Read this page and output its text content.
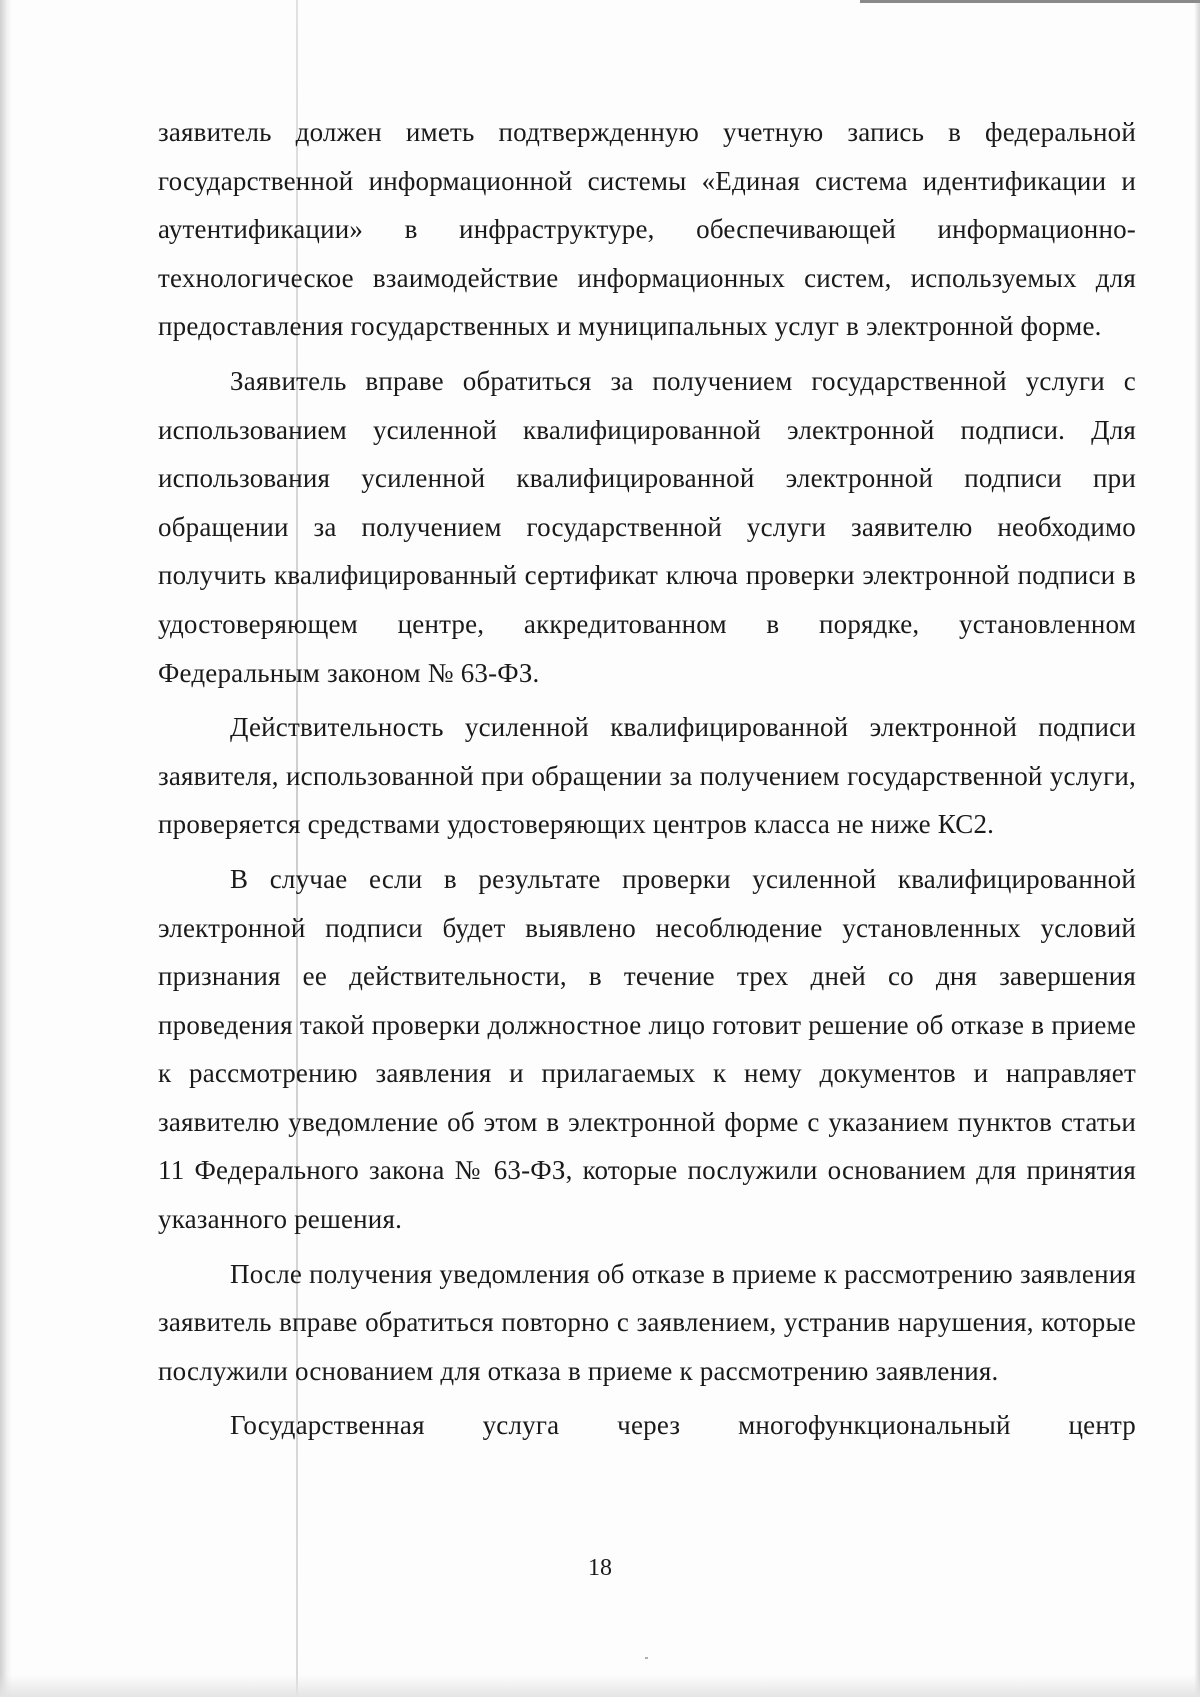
заявитель должен иметь подтвержденную учетную запись в федеральной государственной информационной системы «Единая система идентификации и аутентификации» в инфраструктуре, обеспечивающей информационно-технологическое взаимодействие информационных систем, используемых для предоставления государственных и муниципальных услуг в электронной форме.

Заявитель вправе обратиться за получением государственной услуги с использованием усиленной квалифицированной электронной подписи. Для использования усиленной квалифицированной электронной подписи при обращении за получением государственной услуги заявителю необходимо получить квалифицированный сертификат ключа проверки электронной подписи в удостоверяющем центре, аккредитованном в порядке, установленном Федеральным законом № 63-ФЗ.

Действительность усиленной квалифицированной электронной подписи заявителя, использованной при обращении за получением государственной услуги, проверяется средствами удостоверяющих центров класса не ниже КС2.

В случае если в результате проверки усиленной квалифицированной электронной подписи будет выявлено несоблюдение установленных условий признания ее действительности, в течение трех дней со дня завершения проведения такой проверки должностное лицо готовит решение об отказе в приеме к рассмотрению заявления и прилагаемых к нему документов и направляет заявителю уведомление об этом в электронной форме с указанием пунктов статьи 11 Федерального закона № 63-ФЗ, которые послужили основанием для принятия указанного решения.

После получения уведомления об отказе в приеме к рассмотрению заявления заявитель вправе обратиться повторно с заявлением, устранив нарушения, которые послужили основанием для отказа в приеме к рассмотрению заявления.

Государственная услуга через многофункциональный центр

18
